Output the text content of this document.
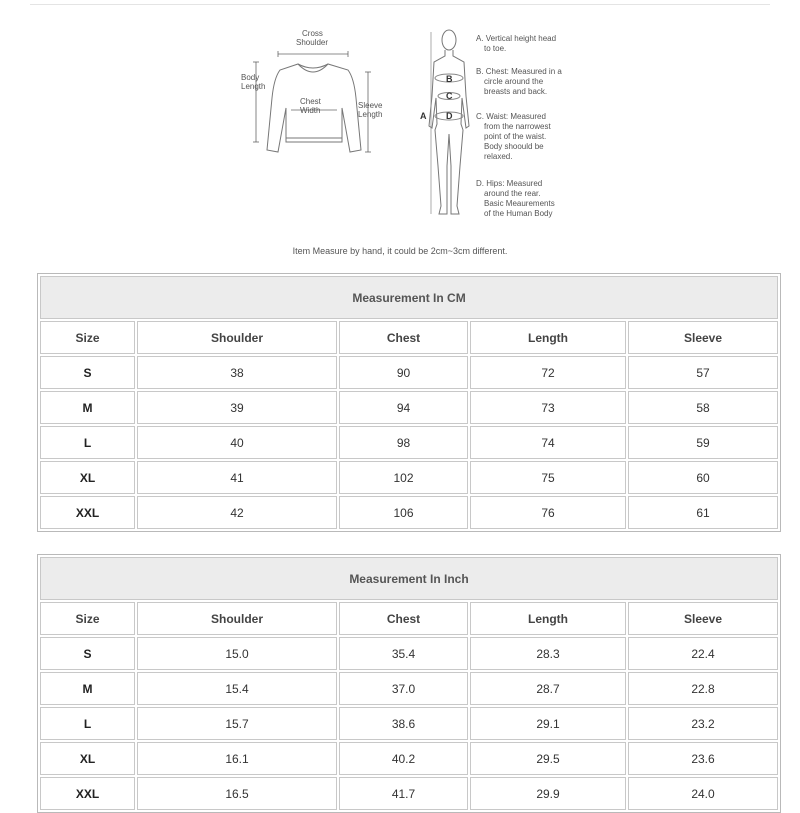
Cross
Shoulder
Body
Length
Chest
Width
Sleeve
Length
B
C
D
A
A. Vertical height head
to toe.
B. Chest: Measured in a
circle around the
breasts and back.
C. Waist: Measured
from the narrowest
point of the waist.
Body shoould be
relaxed.
D. Hips: Measured
around the rear.
Basic Meaurements
of the Human Body
Item Measure by hand, it could be 2cm~3cm different.
Measurement In CM				
Size	Shoulder	Chest	Length	Sleeve
S	38	90	72	57
M	39	94	73	58
L	40	98	74	59
XL	41	102	75	60
XXL	42	106	76	61
Measurement In Inch				
Size	Shoulder	Chest	Length	Sleeve
S	15.0	35.4	28.3	22.4
M	15.4	37.0	28.7	22.8
L	15.7	38.6	29.1	23.2
XL	16.1	40.2	29.5	23.6
XXL	16.5	41.7	29.9	24.0
